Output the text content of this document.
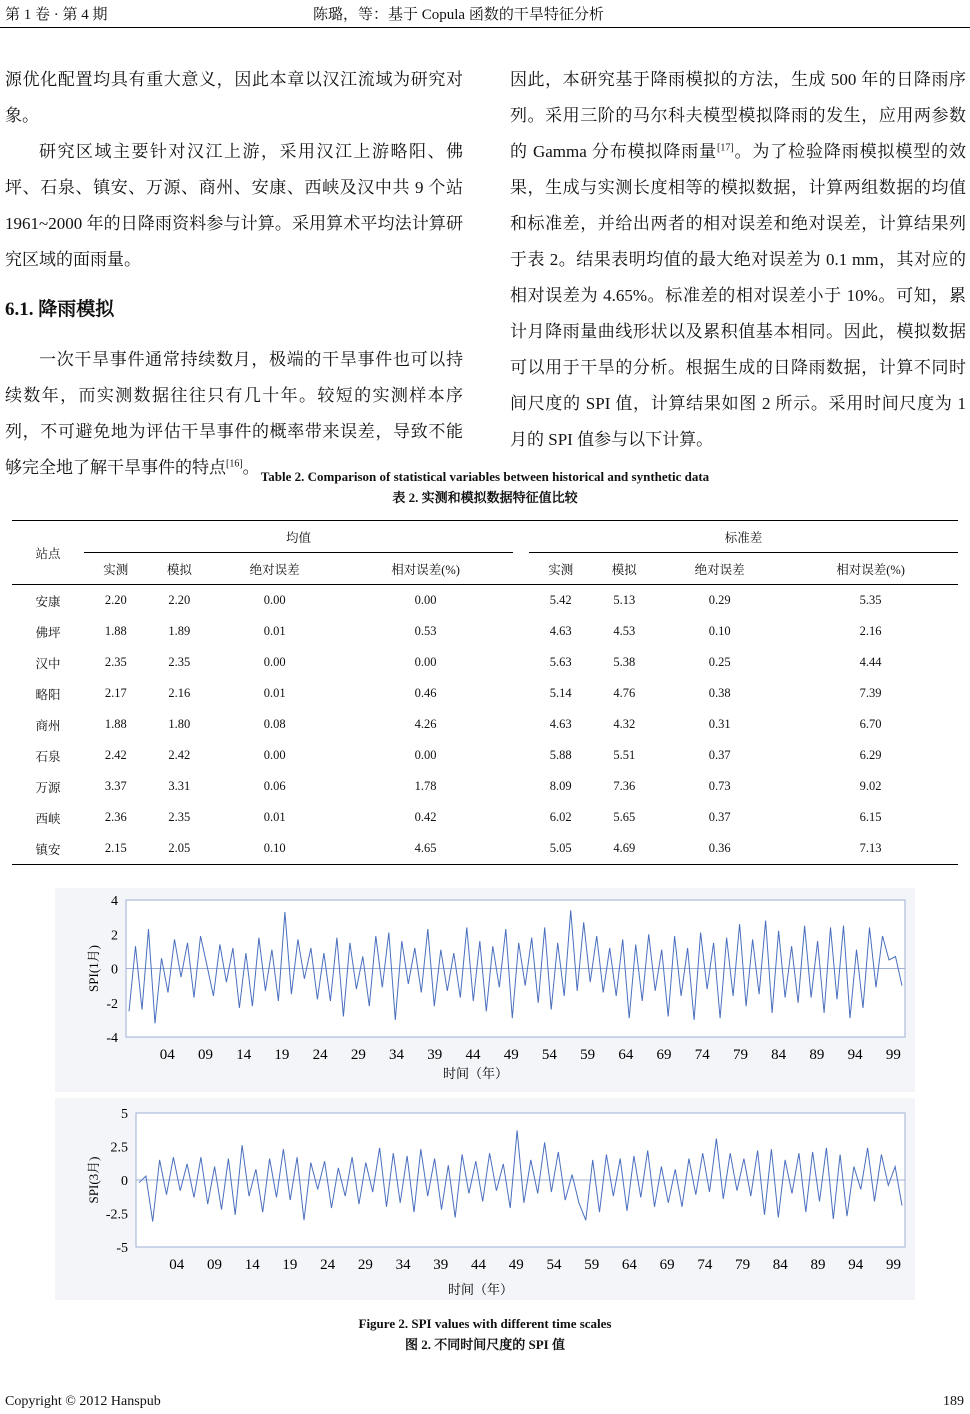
第 1 卷 · 第 4 期	陈璐，等：基于 Copula 函数的干旱特征分析

源优化配置均具有重大意义，因此本章以汉江流域为研究对象。

研究区域主要针对汉江上游，采用汉江上游略阳、佛坪、石泉、镇安、万源、商州、安康、西峡及汉中共 9 个站 1961~2000 年的日降雨资料参与计算。采用算术平均法计算研究区域的面雨量。

6.1. 降雨模拟

一次干旱事件通常持续数月，极端的干旱事件也可以持续数年，而实测数据往往只有几十年。较短的实测样本序列，不可避免地为评估干旱事件的概率带来误差，导致不能够完全地了解干旱事件的特点[16]。

因此，本研究基于降雨模拟的方法，生成 500 年的日降雨序列。采用三阶的马尔科夫模型模拟降雨的发生，应用两参数的 Gamma 分布模拟降雨量[17]。为了检验降雨模拟模型的效果，生成与实测长度相等的模拟数据，计算两组数据的均值和标准差，并给出两者的相对误差和绝对误差，计算结果列于表 2。结果表明均值的最大绝对误差为 0.1 mm，其对应的相对误差为 4.65%。标准差的相对误差小于 10%。可知，累计月降雨量曲线形状以及累积值基本相同。因此，模拟数据可以用于干旱的分析。根据生成的日降雨数据，计算不同时间尺度的 SPI 值，计算结果如图 2 所示。采用时间尺度为 1 月的 SPI 值参与以下计算。

Table 2. Comparison of statistical variables between historical and synthetic data
表 2. 实测和模拟数据特征值比较
站点	均值					标准差			
	实测	模拟	绝对误差	相对误差(%)		实测	模拟	绝对误差	相对误差(%)
安康	2.20	2.20	0.00	0.00		5.42	5.13	0.29	5.35
佛坪	1.88	1.89	0.01	0.53		4.63	4.53	0.10	2.16
汉中	2.35	2.35	0.00	0.00		5.63	5.38	0.25	4.44
略阳	2.17	2.16	0.01	0.46		5.14	4.76	0.38	7.39
商州	1.88	1.80	0.08	4.26		4.63	4.32	0.31	6.70
石泉	2.42	2.42	0.00	0.00		5.88	5.51	0.37	6.29
万源	3.37	3.31	0.06	1.78		8.09	7.36	0.73	9.02
西峡	2.36	2.35	0.01	0.42		6.02	5.65	0.37	6.15
镇安	2.15	2.05	0.10	4.65		5.05	4.69	0.36	7.13
4
2
0
-2
-4
04 09 14 19 24 29 34 39 44 49 54 59 64 69 74 79 84 89 94 99
SPI(1月)
时间（年）
5
2.5
0
-2.5
-5
04 09 14 19 24 29 34 39 44 49 54 59 64 69 74 79 84 89 94 99
SPI(3月)
时间（年）
Figure 2. SPI values with different time scales
图 2. 不同时间尺度的 SPI 值
Copyright © 2012 Hanspub	189
